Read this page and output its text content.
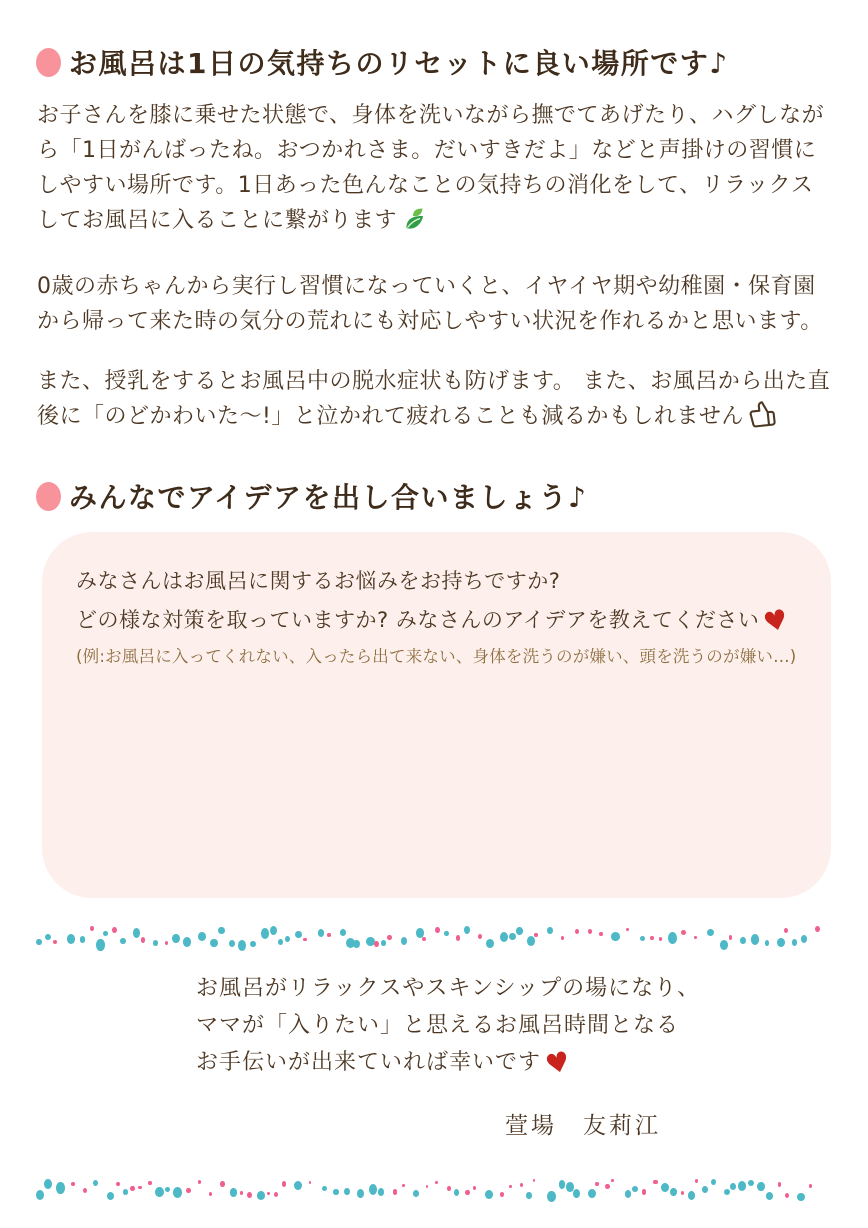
お風呂は1日の気持ちのリセットに良い場所です♪

お子さんを膝に乗せた状態で、身体を洗いながら撫でてあげたり、ハグしながら「1日がんばったね。おつかれさま。だいすきだよ」などと声掛けの習慣にしやすい場所です。1日あった色んなことの気持ちの消化をして、リラックスしてお風呂に入ることに繋がります

0歳の赤ちゃんから実行し習慣になっていくと、イヤイヤ期や幼稚園・保育園から帰って来た時の気分の荒れにも対応しやすい状況を作れるかと思います。

また、授乳をするとお風呂中の脱水症状も防げます。 また、お風呂から出た直後に「のどかわいた〜!」と泣かれて疲れることも減るかもしれません

みんなでアイデアを出し合いましょう♪
みなさんはお風呂に関するお悩みをお持ちですか?
どの様な対策を取っていますか? みなさんのアイデアを教えてください♥
(例:お風呂に入ってくれない、入ったら出て来ない、身体を洗うのが嫌い、頭を洗うのが嫌い…)
お風呂がリラックスやスキンシップの場になり、
ママが「入りたい」と思えるお風呂時間となる
お手伝いが出来ていれば幸いです♥
萱場　友莉江
